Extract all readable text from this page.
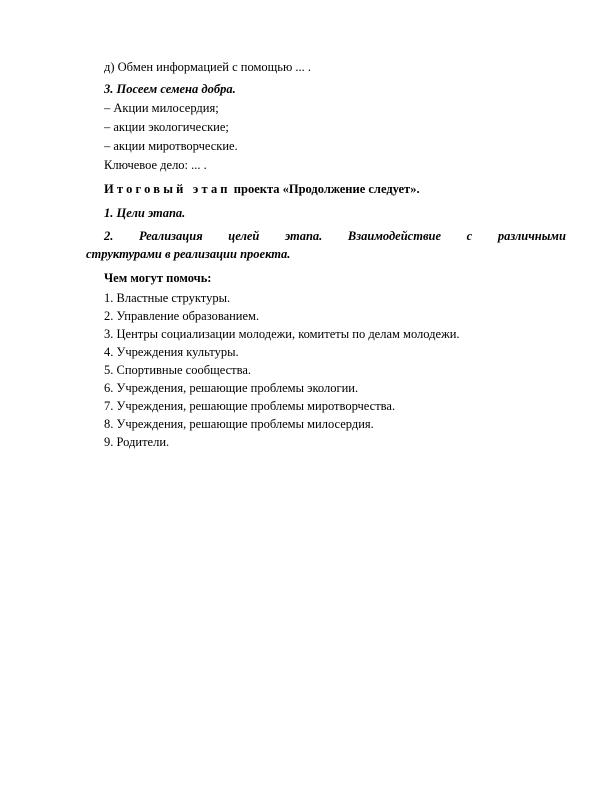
д) Обмен информацией с помощью ... .
3. Посеем семена добра.
– Акции милосердия;
– акции экологические;
– акции миротворческие.
Ключевое дело: ... .
Итоговый этап проекта «Продолжение следует».
1. Цели этапа.
2. Реализация целей этапа. Взаимодействие с различными
структурами в реализации проекта.
Чем могут помочь:
1. Властные структуры.
2. Управление образованием.
3. Центры социализации молодежи, комитеты по делам молодежи.
4. Учреждения культуры.
5. Спортивные сообщества.
6. Учреждения, решающие проблемы экологии.
7. Учреждения, решающие проблемы миротворчества.
8. Учреждения, решающие проблемы милосердия.
9. Родители.
